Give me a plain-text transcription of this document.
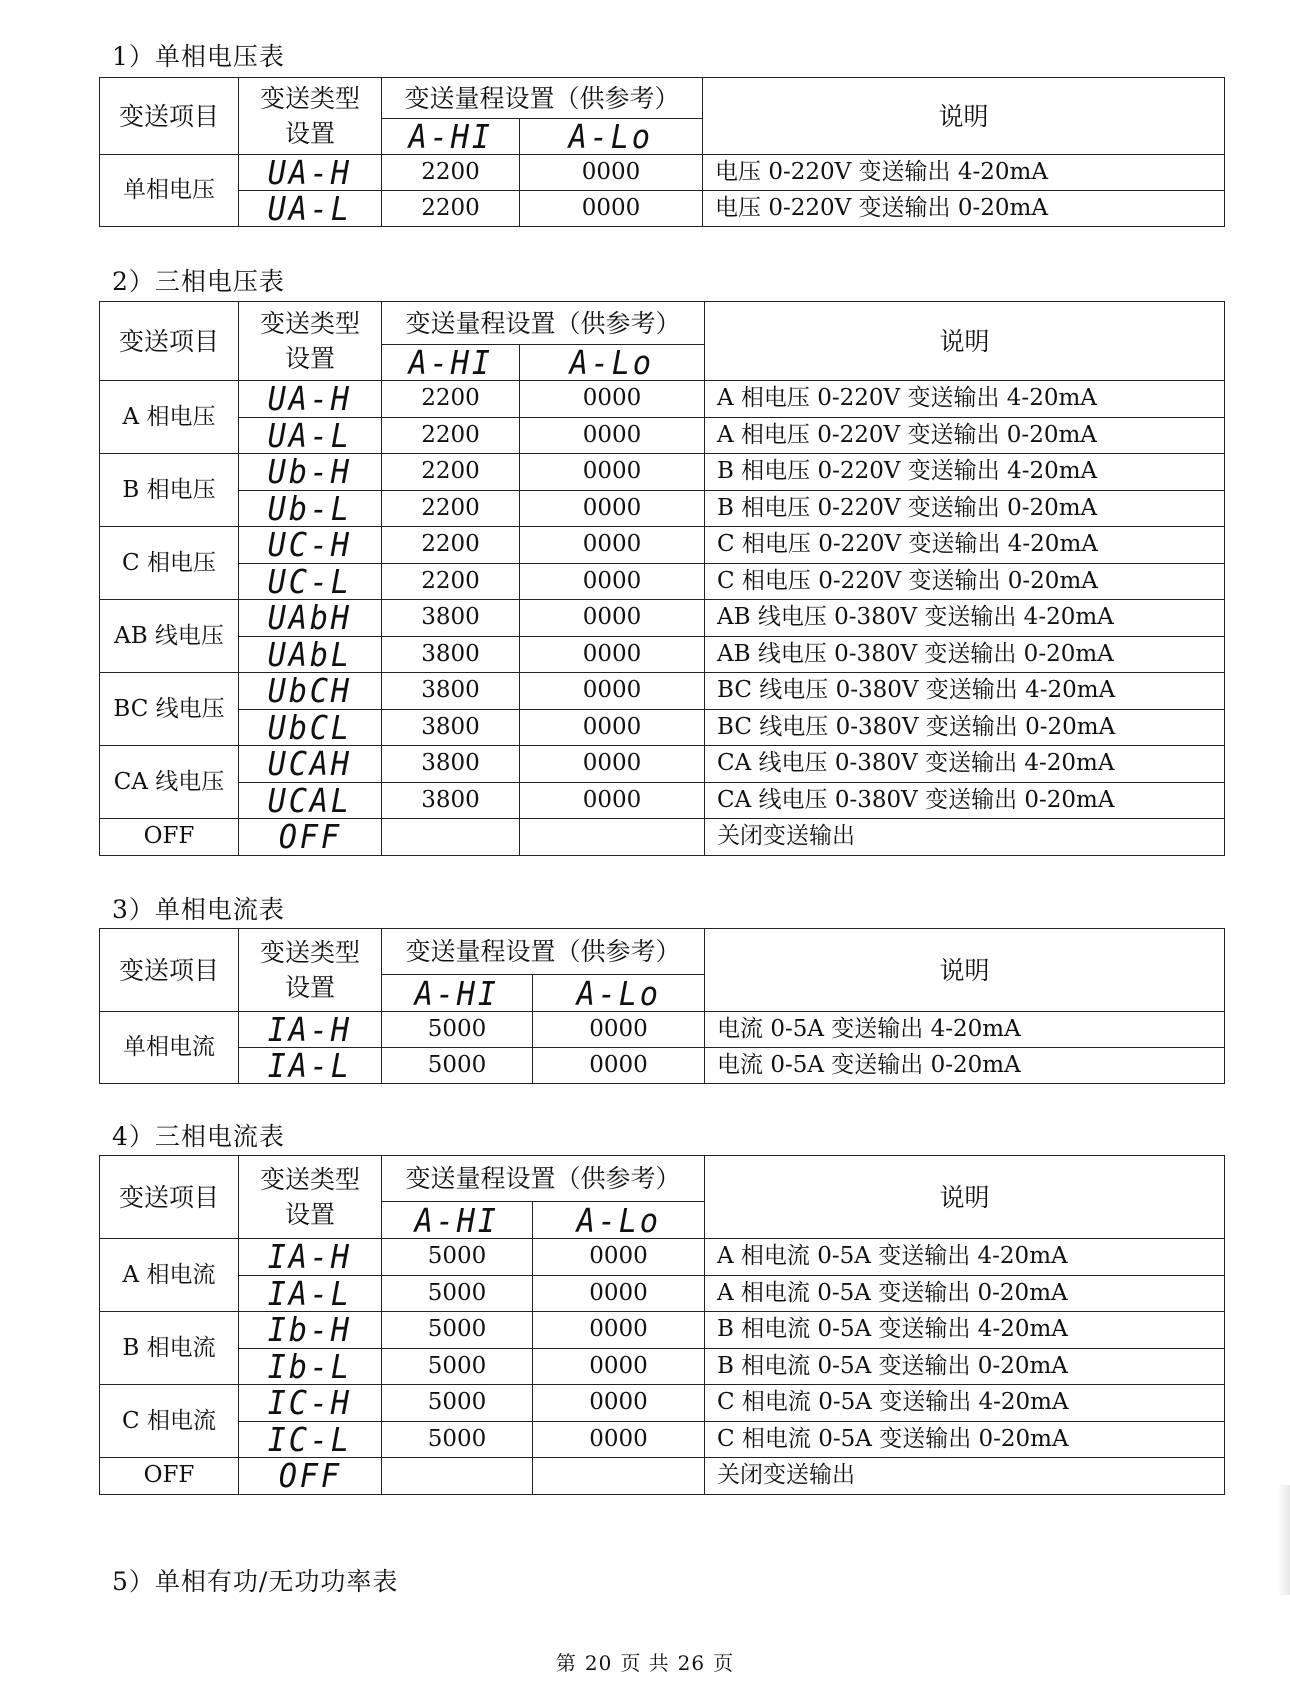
1）单相电压表
变送项目	变送类型
设置	变送量程设置（供参考）		说明
		A-HI	A-Lo	
单相电压	UA-H	2200	0000	电压 0-220V 变送输出 4-20mA
	UA-L	2200	0000	电压 0-220V 变送输出 0-20mA
2）三相电压表
变送项目	变送类型
设置	变送量程设置（供参考）		说明
		A-HI	A-Lo	
A 相电压	UA-H	2200	0000	A 相电压 0-220V 变送输出 4-20mA
	UA-L	2200	0000	A 相电压 0-220V 变送输出 0-20mA
B 相电压	Ub-H	2200	0000	B 相电压 0-220V 变送输出 4-20mA
	Ub-L	2200	0000	B 相电压 0-220V 变送输出 0-20mA
C 相电压	UC-H	2200	0000	C 相电压 0-220V 变送输出 4-20mA
	UC-L	2200	0000	C 相电压 0-220V 变送输出 0-20mA
AB 线电压	UAbH	3800	0000	AB 线电压 0-380V 变送输出 4-20mA
	UAbL	3800	0000	AB 线电压 0-380V 变送输出 0-20mA
BC 线电压	UbCH	3800	0000	BC 线电压 0-380V 变送输出 4-20mA
	UbCL	3800	0000	BC 线电压 0-380V 变送输出 0-20mA
CA 线电压	UCAH	3800	0000	CA 线电压 0-380V 变送输出 4-20mA
	UCAL	3800	0000	CA 线电压 0-380V 变送输出 0-20mA
OFF	OFF			关闭变送输出
3）单相电流表
变送项目	变送类型
设置	变送量程设置（供参考）		说明
		A-HI	A-Lo	
单相电流	IA-H	5000	0000	电流 0-5A 变送输出 4-20mA
	IA-L	5000	0000	电流 0-5A 变送输出 0-20mA
4）三相电流表
变送项目	变送类型
设置	变送量程设置（供参考）		说明
		A-HI	A-Lo	
A 相电流	IA-H	5000	0000	A 相电流 0-5A 变送输出 4-20mA
	IA-L	5000	0000	A 相电流 0-5A 变送输出 0-20mA
B 相电流	Ib-H	5000	0000	B 相电流 0-5A 变送输出 4-20mA
	Ib-L	5000	0000	B 相电流 0-5A 变送输出 0-20mA
C 相电流	IC-H	5000	0000	C 相电流 0-5A 变送输出 4-20mA
	IC-L	5000	0000	C 相电流 0-5A 变送输出 0-20mA
OFF	OFF			关闭变送输出
5）单相有功/无功功率表
第 20 页 共 26 页
